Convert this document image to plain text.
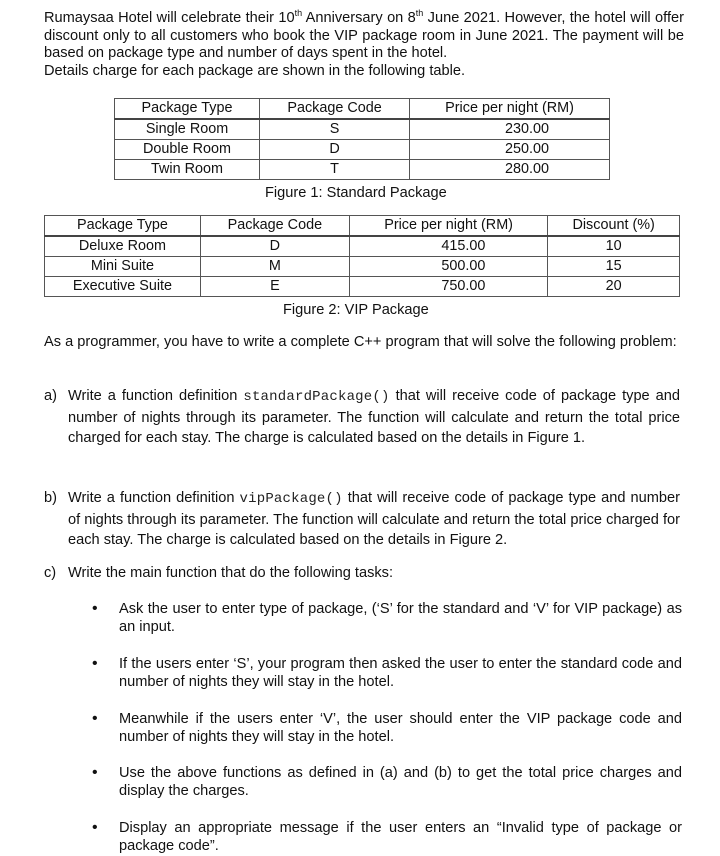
Rumaysaa Hotel will celebrate their 10th Anniversary on 8th June 2021. However, the hotel will offer discount only to all customers who book the VIP package room in June 2021. The payment will be based on package type and number of days spent in the hotel.

Details charge for each package are shown in the following table.

Package Type	Package Code	Price per night (RM)
Single Room	S	230.00
Double Room	D	250.00
Twin Room	T	280.00
Figure 1: Standard Package
Package Type	Package Code	Price per night (RM)	Discount (%)
Deluxe Room	D	415.00	10
Mini Suite	M	500.00	15
Executive Suite	E	750.00	20
Figure 2: VIP Package

As a programmer, you have to write a complete C++ program that will solve the following problem:

a) Write a function definition standardPackage() that will receive code of package type and number of nights through its parameter. The function will calculate and return the total price charged for each stay. The charge is calculated based on the details in Figure 1.
b) Write a function definition vipPackage() that will receive code of package type and number of nights through its parameter. The function will calculate and return the total price charged for each stay. The charge is calculated based on the details in Figure 2.
c) Write the main function that do the following tasks:
• Ask the user to enter type of package, (‘S’ for the standard and ‘V’ for VIP package) as an input.
• If the users enter ‘S’, your program then asked the user to enter the standard code and number of nights they will stay in the hotel.
• Meanwhile if the users enter ‘V’, the user should enter the VIP package code and number of nights they will stay in the hotel.
• Use the above functions as defined in (a) and (b) to get the total price charges and display the charges.
• Display an appropriate message if the user enters an “Invalid type of package or package code”.
